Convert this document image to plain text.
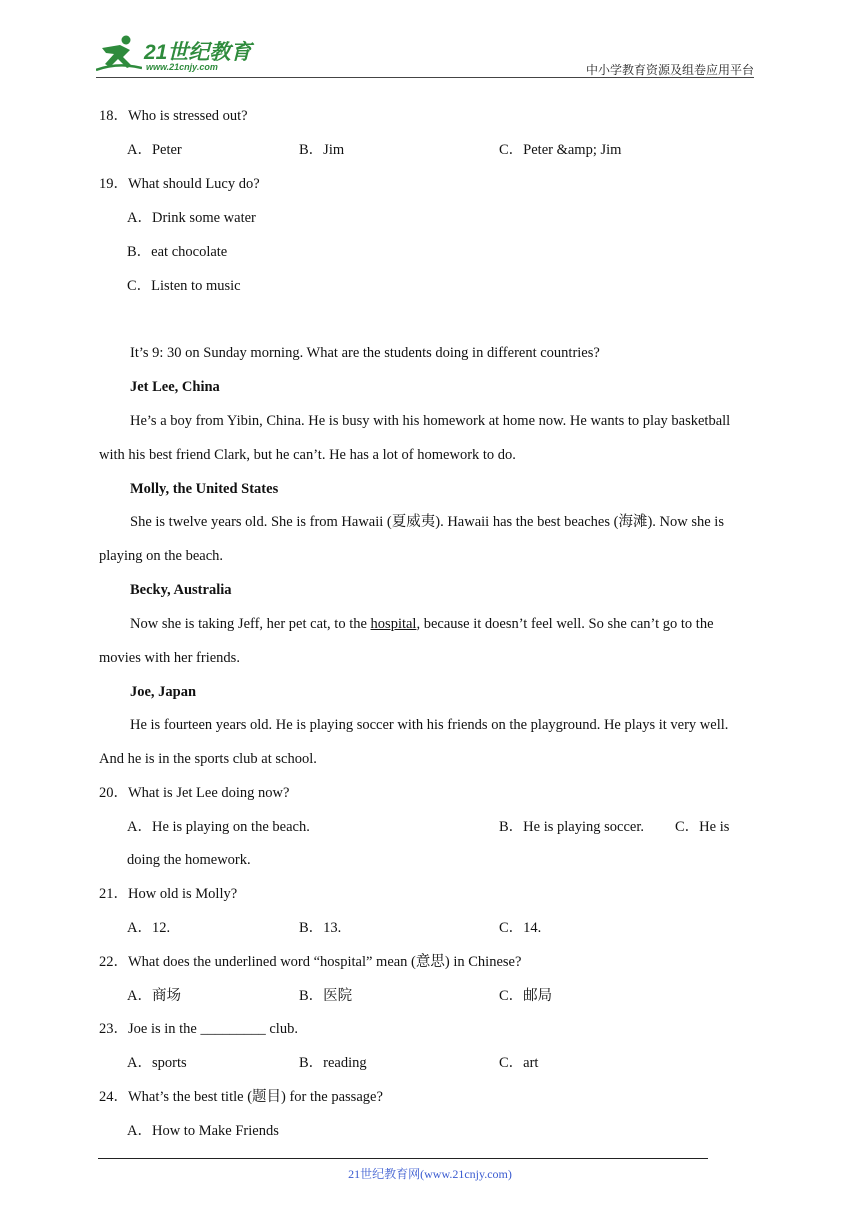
21世纪教育
www.21cnjy.com	中小学教育资源及组卷应用平台
18．Who is stressed out?
A．Peter	B．Jim	C．Peter &amp; Jim
19．What should Lucy do?
A．Drink some water
B．eat chocolate
C．Listen to music
It’s 9: 30 on Sunday morning. What are the students doing in different countries?
Jet Lee, China
He’s a boy from Yibin, China. He is busy with his homework at home now. He wants to play basketball
with his best friend Clark, but he can’t. He has a lot of homework to do.
Molly, the United States
She is twelve years old. She is from Hawaii (夏威夷). Hawaii has the best beaches (海滩). Now she is
playing on the beach.
Becky, Australia
Now she is taking Jeff, her pet cat, to the hospital, because it doesn’t feel well. So she can’t go to the
movies with her friends.
Joe, Japan
He is fourteen years old. He is playing soccer with his friends on the playground. He plays it very well.
And he is in the sports club at school.
20．What is Jet Lee doing now?
A．He is playing on the beach.	B．He is playing soccer. C．He is
doing the homework.
21．How old is Molly?
A．12.	B．13.	C．14.
22．What does the underlined word “hospital” mean (意思) in Chinese?
A．商场	B．医院	C．邮局
23．Joe is in the _________ club.
A．sports	B．reading	C．art
24．What’s the best title (题目) for the passage?
A．How to Make Friends
21世纪教育网(www.21cnjy.com)
